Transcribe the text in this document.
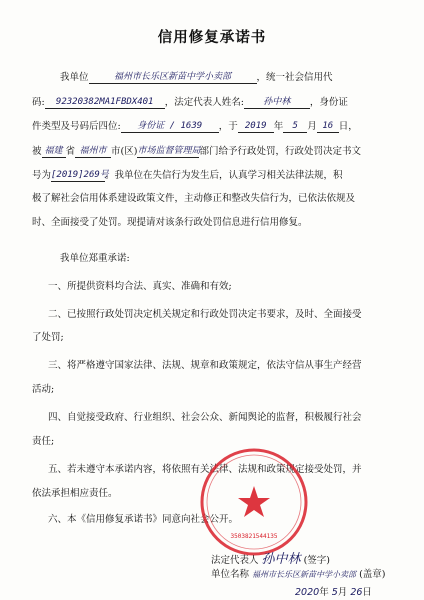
信用修复承诺书
我单位	福州市长乐区新苗中学小卖部	，统一社会信用代
码: 92320382MA1FBDX401 ，法定代表人姓名: 孙中林 ，身份证
件类型及号码后四位: 身份证 / 1639 ，于 2019 年 5 月 16 日，
被 福建 省 福州市 市(区)市场监督管理局部门给予行政处罚，行政处罚决定书文
号为[2019]269号。我单位在失信行为发生后，认真学习相关法律法规，积
极了解社会信用体系建设政策文件，主动修正和整改失信行为，已依法依规及
时、全面接受了处罚。现提请对该条行政处罚信息进行信用修复。
我单位郑重承诺:
一、所提供资料均合法、真实、准确和有效;
二、已按照行政处罚决定机关规定和行政处罚决定书要求，及时、全面接受
了处罚;
三、将严格遵守国家法律、法规、规章和政策规定，依法守信从事生产经营
活动;
四、自觉接受政府、行业组织、社会公众、新闻舆论的监督，积极履行社会
责任;
五、若未遵守本承诺内容，将依照有关法律、法规和政策规定接受处罚，并
依法承担相应责任。
六、本《信用修复承诺书》同意向社会公开。
3503821544135
法定代表人 孙中林 (签字)
单位名称 福州市长乐区新苗中学小卖部 (盖章)
2020年 5月 26日
